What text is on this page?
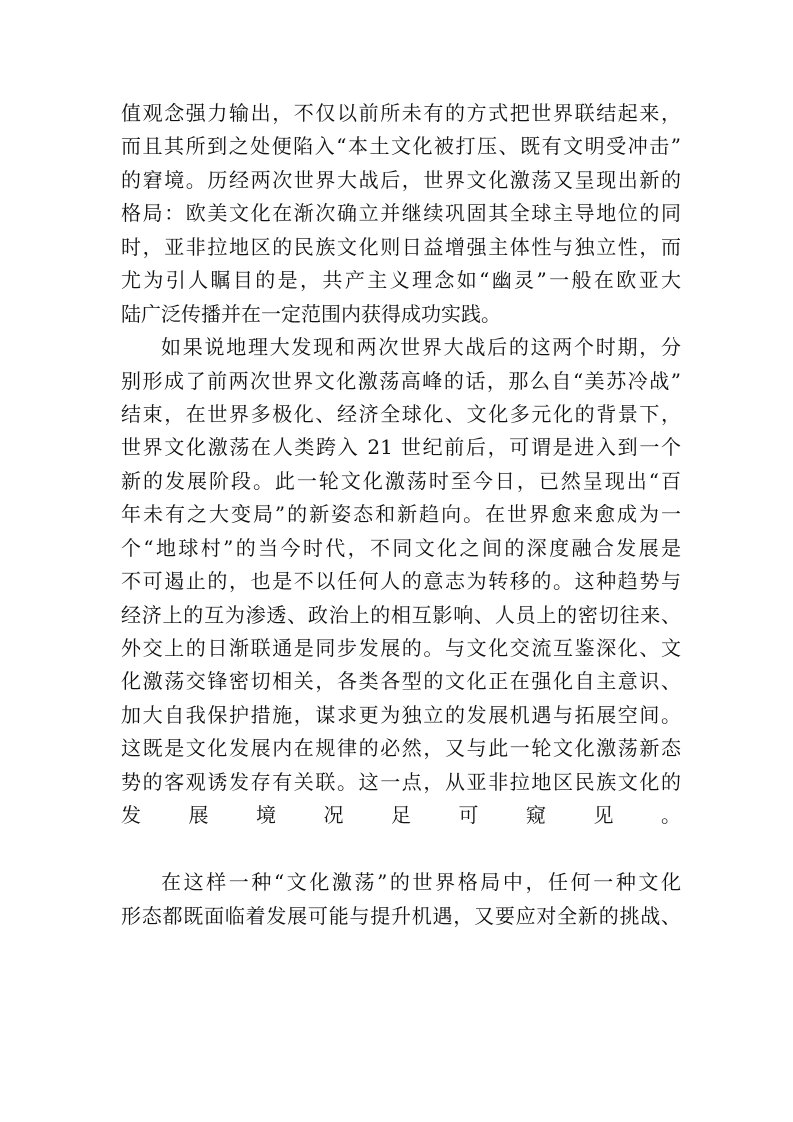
值观念强力输出，不仅以前所未有的方式把世界联结起来，
而且其所到之处便陷入“本土文化被打压、既有文明受冲击”
的窘境。历经两次世界大战后，世界文化激荡又呈现出新的
格局：欧美文化在渐次确立并继续巩固其全球主导地位的同
时，亚非拉地区的民族文化则日益增强主体性与独立性，而
尤为引人瞩目的是，共产主义理念如“幽灵”一般在欧亚大
陆广泛传播并在一定范围内获得成功实践。
如果说地理大发现和两次世界大战后的这两个时期，分
别形成了前两次世界文化激荡高峰的话，那么自“美苏冷战”
结束，在世界多极化、经济全球化、文化多元化的背景下，
世界文化激荡在人类跨入 21 世纪前后，可谓是进入到一个
新的发展阶段。此一轮文化激荡时至今日，已然呈现出“百
年未有之大变局”的新姿态和新趋向。在世界愈来愈成为一
个“地球村”的当今时代，不同文化之间的深度融合发展是
不可遏止的，也是不以任何人的意志为转移的。这种趋势与
经济上的互为渗透、政治上的相互影响、人员上的密切往来、
外交上的日渐联通是同步发展的。与文化交流互鉴深化、文
化激荡交锋密切相关，各类各型的文化正在强化自主意识、
加大自我保护措施，谋求更为独立的发展机遇与拓展空间。
这既是文化发展内在规律的必然，又与此一轮文化激荡新态
势的客观诱发存有关联。这一点，从亚非拉地区民族文化的
发展境况足可窥见。
在这样一种“文化激荡”的世界格局中，任何一种文化
形态都既面临着发展可能与提升机遇，又要应对全新的挑战、
